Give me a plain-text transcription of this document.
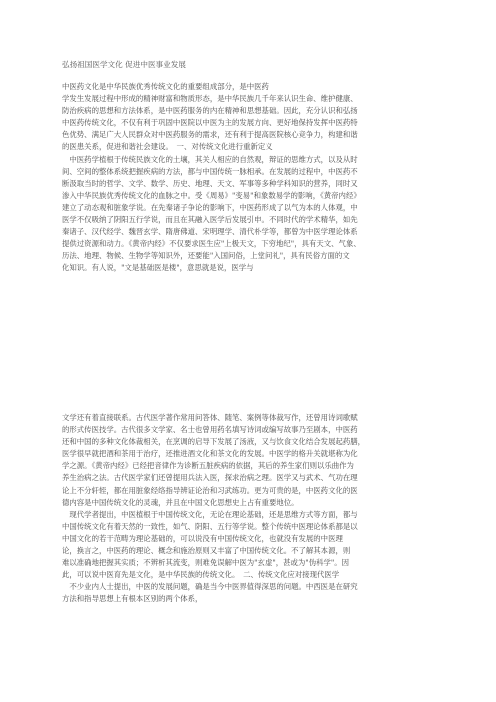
弘扬祖国医学文化 促进中医事业发展
中医药文化是中华民族优秀传统文化的重要组成部分，是中医药
学发生发展过程中形成的精神财富和物质形态，是中华民族几千年来认识生命、维护健康、
防治疾病的思想和方法体系，是中医药服务的内在精神和思想基础。因此，充分认识和弘扬
中医药传统文化，不仅有利于巩固中医院以中医为主的发展方向、更好地保持发挥中医药特
色优势、满足广大人民群众对中医药服务的需求，还有利于提高医院核心竞争力，构建和谐
的医患关系，促进和谐社会建设。　一、对传统文化进行重新定义
　中医药学植根于传统民族文化的土壤，其关人相应的自然观，辩证的思维方式，以及从时
间、空间的整体系统把握疾病的方法，都与中国传统一脉相承。在发展的过程中，中医药不
断汲取当时的哲学、文学、数学、历史、地理、天文、军事等多种学科知识的营养，同时又
渗入中华民族优秀传统文化的血脉之中。受《周易》"变易"和象数易学的影响，《黄帝内经》
建立了动态观和脏象学说。在先秦诸子争论的影响下，中医药形成了以气为本的人体观，中
医学不仅吸纳了阴阳五行学说，而且在其融入医学后发展引申。不同时代的学术精华，如先
秦诸子、汉代经学、魏晋玄学、隋唐佛道、宋明理学、清代朴学等，都曾为中医学理论体系
提供过资源和动力。《黄帝内经》不仅要求医生应"上极天文，下穷地纪"，具有天文、气象、
历法、地理、物候、生物学等知识外，还要能"入国问俗，上堂问礼"，具有民俗方面的文
化知识。有人说，"文是基础医是楼"，意思就是说，医学与
文学还有着直接联系。古代医学著作常用问答体、随笔、案例等体裁写作，还曾用诗词歌赋
的形式传医技学。古代很多文学家、名士也曾用药名填写诗词或编写故事乃至剧本，中医药
还和中国的多种文化体裁相关，在烹调的启导下发展了汤液，又与饮食文化结合发展起药膳，
医学很早就把酒和茶用于治疗，还推进酒文化和茶文化的发展。中医学的格升关就堪称为化
学之源。《黄帝内经》已经把音律作为诊断五脏疾病的依据，其后的养生家们则以乐曲作为
养生治病之法。古代医学家们还曾提用兵法入医，探求治病之理。医学又与武术、气功在理
论上不分轩轾，都在用脏象经络指导辨证论治和习武练功。更为可贵的是，中医药文化的医
德内容是中国传统文化的灵魂，并且在中国文化思想史上占有重要地位。
　现代学者提出，中医植根于中国传统文化，无论在理论基础，还是思维方式等方面，都与
中国传统文化有着天然的一致性，如气、阴阳、五行等学说。整个传统中医理论体系都是以
中国文化的若干范畴为理论基础的，可以说没有中国传统文化，也就没有发展的中医理
论，换言之，中医药的理论、概念和施治原则又丰富了中国传统文化。不了解其本源，则
难以准确地把握其实质；不辨析其流变，则难免误解中医为"玄虚"，甚或为"伪科学"。因
此，可以说中医育先是文化，是中华民族的传统文化。　二、传统文化应对接现代医学
　不少业内人士提出，中医的发展问题，确是当今中医界值得深思的问题。中西医是在研究
方法和指导思想上有根本区别的两个体系，
